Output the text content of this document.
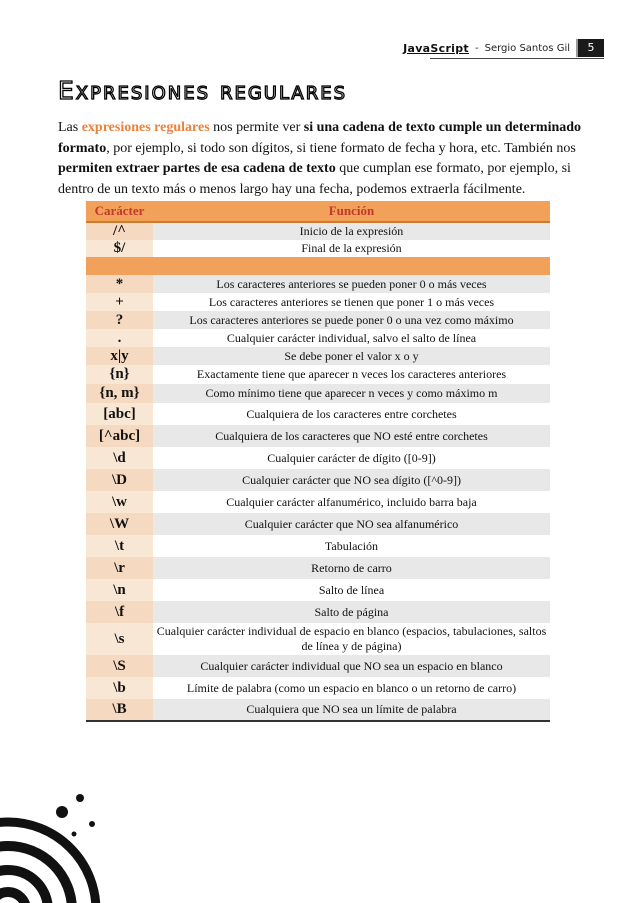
JavaScript - Sergio Santos Gil	5
Expresiones regulares

Las expresiones regulares nos permite ver si una cadena de texto cumple un determinado formato, por ejemplo, si todo son dígitos, si tiene formato de fecha y hora, etc. También nos permiten extraer partes de esa cadena de texto que cumplan ese formato, por ejemplo, si dentro de un texto más o menos largo hay una fecha, podemos extraerla fácilmente.

Carácter	Función
/^	Inicio de la expresión
$/	Final de la expresión

*	Los caracteres anteriores se pueden poner 0 o más veces
+	Los caracteres anteriores se tienen que poner 1 o más veces
?	Los caracteres anteriores se puede poner 0 o una vez como máximo
.	Cualquier carácter individual, salvo el salto de línea
x|y	Se debe poner el valor x o y
{n}	Exactamente tiene que aparecer n veces los caracteres anteriores
{n, m}	Como mínimo tiene que aparecer n veces y como máximo m
[abc]	Cualquiera de los caracteres entre corchetes
[^abc]	Cualquiera de los caracteres que NO esté entre corchetes
\d	Cualquier carácter de dígito ([0-9])
\D	Cualquier carácter que NO sea dígito ([^0-9])
\w	Cualquier carácter alfanumérico, incluido barra baja
\W	Cualquier carácter que NO sea alfanumérico
\t	Tabulación
\r	Retorno de carro
\n	Salto de línea
\f	Salto de página
\s	Cualquier carácter individual de espacio en blanco (espacios, tabulaciones, saltos de línea y de página)
\S	Cualquier carácter individual que NO sea un espacio en blanco
\b	Límite de palabra (como un espacio en blanco o un retorno de carro)
\B	Cualquiera que NO sea un límite de palabra
